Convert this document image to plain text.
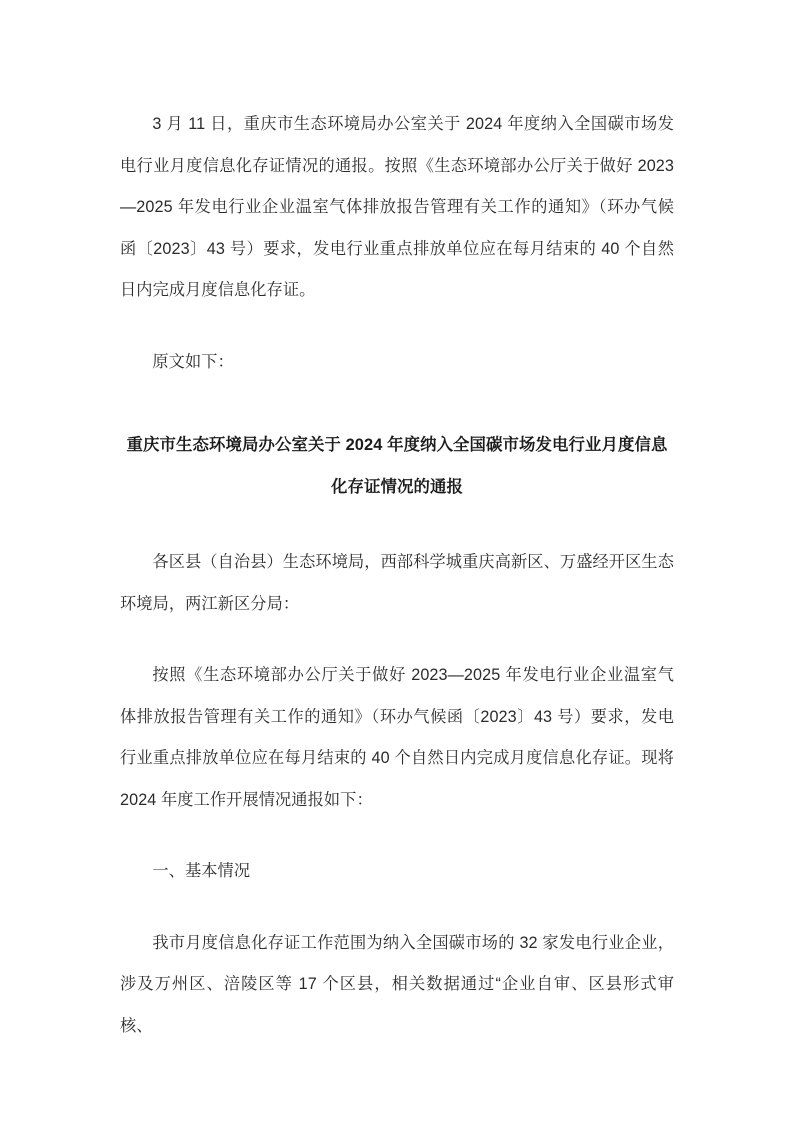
3 月 11 日，重庆市生态环境局办公室关于 2024 年度纳入全国碳市场发电行业月度信息化存证情况的通报。按照《生态环境部办公厅关于做好 2023—2025 年发电行业企业温室气体排放报告管理有关工作的通知》（环办气候函〔2023〕43 号）要求，发电行业重点排放单位应在每月结束的 40 个自然日内完成月度信息化存证。

原文如下：

重庆市生态环境局办公室关于 2024 年度纳入全国碳市场发电行业月度信息化存证情况的通报

各区县（自治县）生态环境局，西部科学城重庆高新区、万盛经开区生态环境局，两江新区分局：

按照《生态环境部办公厅关于做好 2023—2025 年发电行业企业温室气体排放报告管理有关工作的通知》（环办气候函〔2023〕43 号）要求，发电行业重点排放单位应在每月结束的 40 个自然日内完成月度信息化存证。现将 2024 年度工作开展情况通报如下：

一、基本情况

我市月度信息化存证工作范围为纳入全国碳市场的 32 家发电行业企业，涉及万州区、涪陵区等 17 个区县，相关数据通过“企业自审、区县形式审核、
